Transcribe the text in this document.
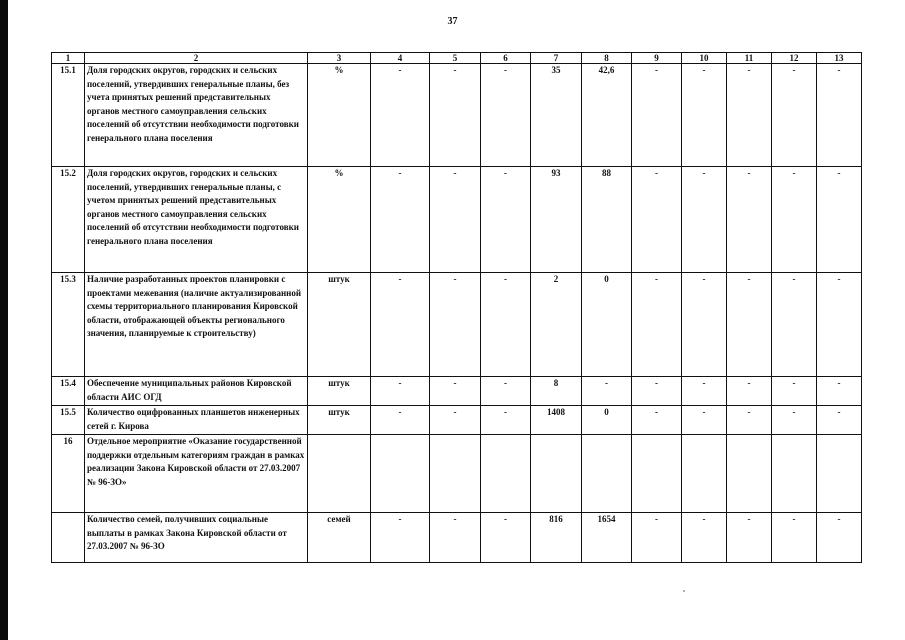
37
1	2	3	4	5	6	7	8	9	10	11	12	13
15.1	Доля городских округов, городских и сельских поселений, утвердивших генеральные планы, без учета принятых решений представительных органов местного самоуправления сельских поселений об отсутствии необходимости подготовки генерального плана поселения	%	-	-	-	35	42,6	-	-	-	-	-
15.2	Доля городских округов, городских и сельских поселений, утвердивших генеральные планы, с учетом принятых решений представительных органов местного самоуправления сельских поселений об отсутствии необходимости подготовки генерального плана поселения	%	-	-	-	93	88	-	-	-	-	-
15.3	Наличие разработанных проектов планировки с проектами межевания (наличие актуализированной схемы территориального планирования Кировской области, отображающей объекты регионального значения, планируемые к строительству)	штук	-	-	-	2	0	-	-	-	-	-
15.4	Обеспечение муниципальных районов Кировской области АИС ОГД	штук	-	-	-	8	-	-	-	-	-	-
15.5	Количество оцифрованных планшетов инженерных сетей г. Кирова	штук	-	-	-	1408	0	-	-	-	-	-
16	Отдельное мероприятие «Оказание государственной поддержки отдельным категориям граждан в рамках реализации Закона Кировской области от 27.03.2007 № 96-ЗО»											
	Количество семей, получивших социальные выплаты в рамках Закона Кировской области от 27.03.2007 № 96-ЗО	семей	-	-	-	816	1654	-	-	-	-	-
